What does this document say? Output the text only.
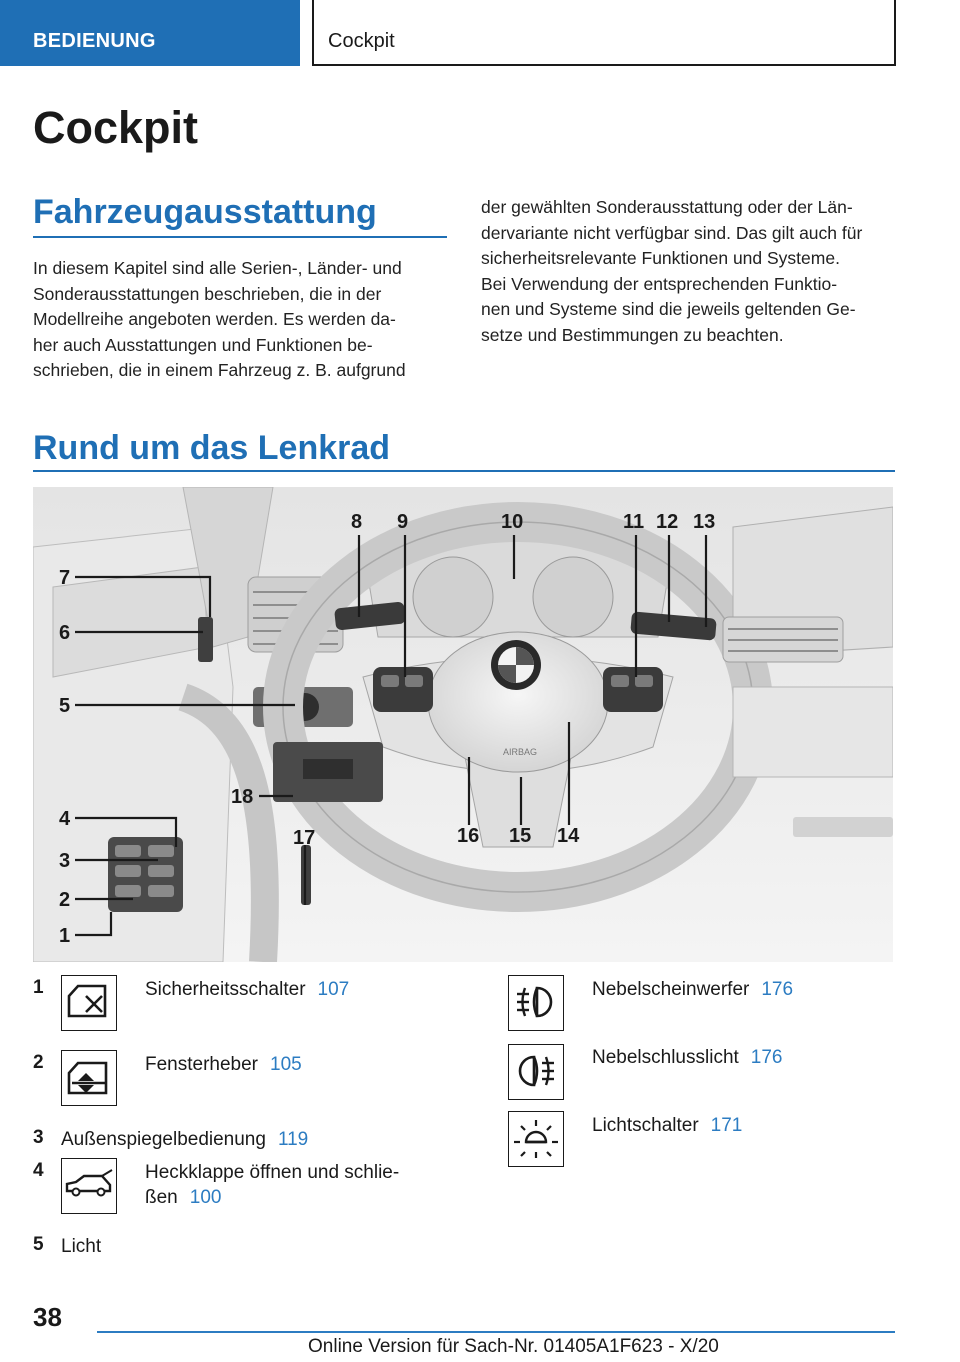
BEDIENUNG	Cockpit
Cockpit
Fahrzeugausstattung
In diesem Kapitel sind alle Serien-, Länder- und
Sonderausstattungen beschrieben, die in der
Modellreihe angeboten werden. Es werden da-
her auch Ausstattungen und Funktionen be-
schrieben, die in einem Fahrzeug z. B. aufgrund
der gewählten Sonderausstattung oder der Län-
dervariante nicht verfügbar sind. Das gilt auch für
sicherheitsrelevante Funktionen und Systeme.
Bei Verwendung der entsprechenden Funktio-
nen und Systeme sind die jeweils geltenden Ge-
setze und Bestimmungen zu beachten.
Rund um das Lenkrad
AIRBAG
7
6
5
4
3
2
1
18
17
8 9	10	11 12 13
16 15 14
1	Sicherheitsschalter 107
2	Fensterheber 105
3 Außenspiegelbedienung 119
4	Heckklappe öffnen und schlie-
ßen 100
5 Licht
Nebelscheinwerfer 176
Nebelschlusslicht 176
Lichtschalter 171
38
Online Version für Sach-Nr. 01405A1F623 - X/20
